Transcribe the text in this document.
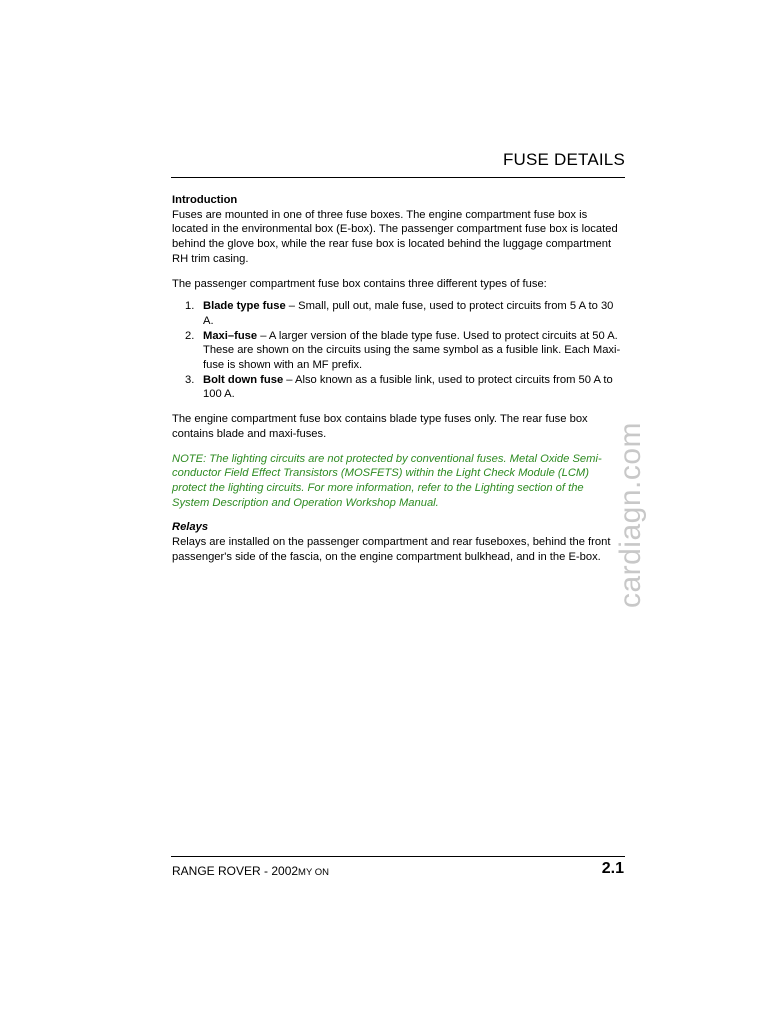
FUSE DETAILS
Introduction

Fuses are mounted in one of three fuse boxes. The engine compartment fuse box is located in the environmental box (E-box). The passenger compartment fuse box is located behind the glove box, while the rear fuse box is located behind the luggage compartment RH trim casing.

The passenger compartment fuse box contains three different types of fuse:

1. Blade type fuse – Small, pull out, male fuse, used to protect circuits from 5 A to 30 A.
2. Maxi–fuse – A larger version of the blade type fuse. Used to protect circuits at 50 A. These are shown on the circuits using the same symbol as a fusible link. Each Maxi-fuse is shown with an MF prefix.
3. Bolt down fuse – Also known as a fusible link, used to protect circuits from 50 A to 100 A.

The engine compartment fuse box contains blade type fuses only. The rear fuse box contains blade and maxi-fuses.

NOTE: The lighting circuits are not protected by conventional fuses. Metal Oxide Semi-conductor Field Effect Transistors (MOSFETS) within the Light Check Module (LCM) protect the lighting circuits. For more information, refer to the Lighting section of the System Description and Operation Workshop Manual.

Relays

Relays are installed on the passenger compartment and rear fuseboxes, behind the front passenger's side of the fascia, on the engine compartment bulkhead, and in the E-box. cardiagn.com
RANGE ROVER - 2002MY ON	2.1
